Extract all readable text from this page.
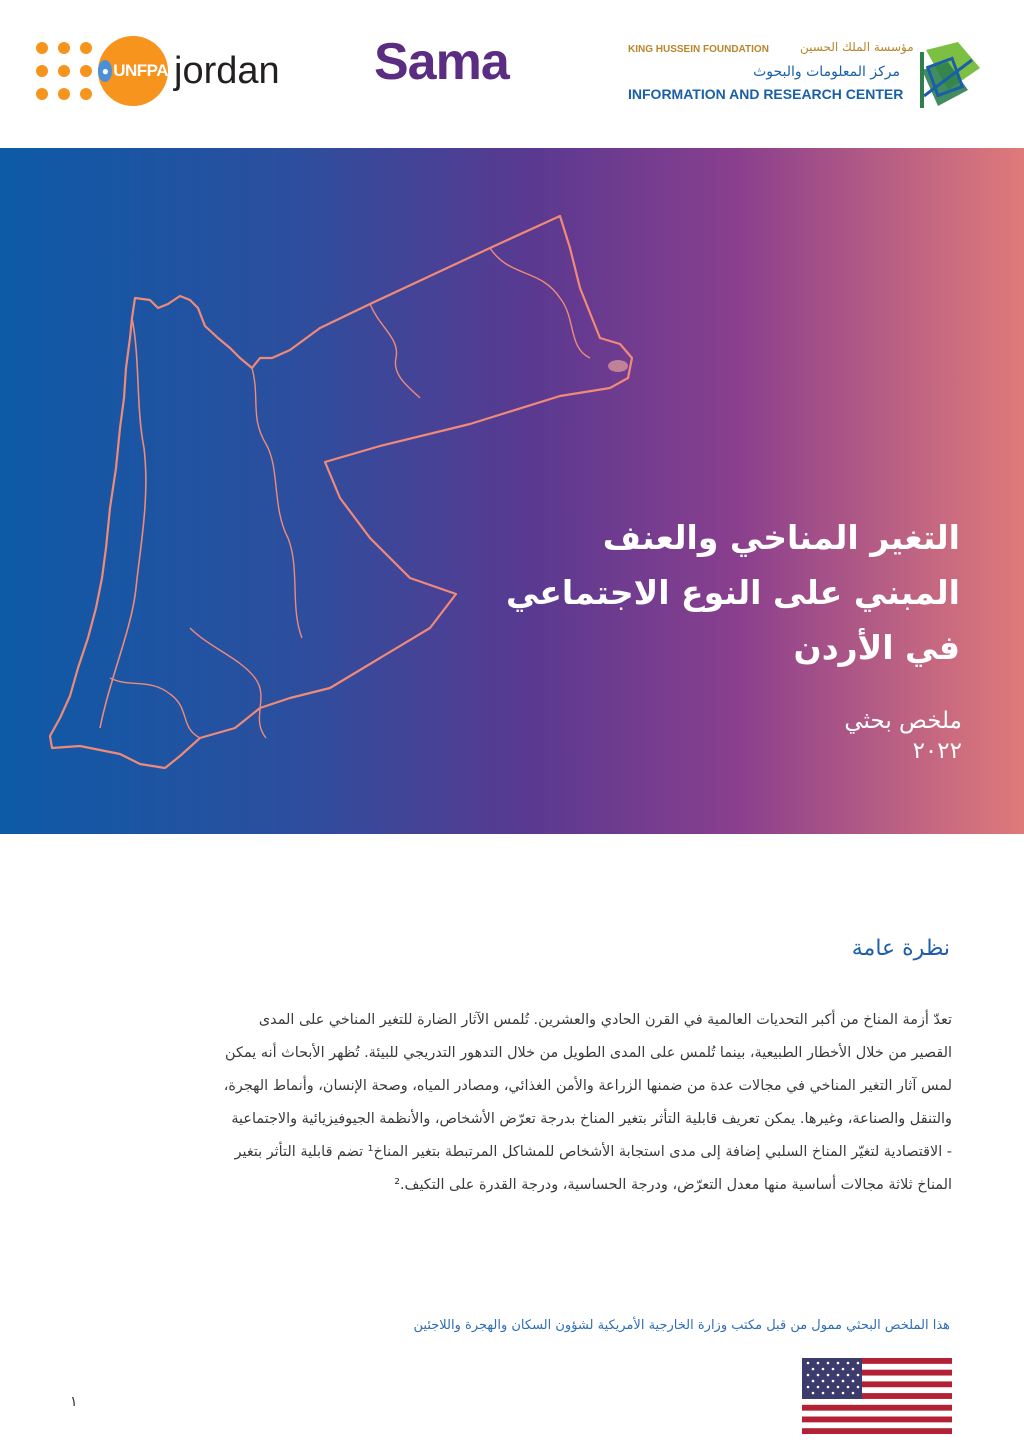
● UNFPA jordan Sama	KING HUSSEIN FOUNDATION	مؤسسة الملك الحسين
مركز المعلومات والبحوث
INFORMATION AND RESEARCH CENTER
التغير المناخي والعنف
المبني على النوع الاجتماعي
في الأردن
ملخص بحثي
٢٠٢٢
نظرة عامة
تعدّ أزمة المناخ من أكبر التحديات العالمية في القرن الحادي والعشرين. تُلمس الآثار الضارة للتغير المناخي على المدى
القصير من خلال الأخطار الطبيعية، بينما تُلمس على المدى الطويل من خلال التدهور التدريجي للبيئة. تُظهر الأبحاث أنه يمكن
لمس آثار التغير المناخي في مجالات عدة من ضمنها الزراعة والأمن الغذائي، ومصادر المياه، وصحة الإنسان، وأنماط الهجرة،
والتنقل والصناعة، وغيرها. يمكن تعريف قابلية التأثر بتغير المناخ بدرجة تعرّض الأشخاص، والأنظمة الجيوفيزيائية والاجتماعية
- الاقتصادية لتغيّر المناخ السلبي إضافة إلى مدى استجابة الأشخاص للمشاكل المرتبطة بتغير المناخ¹ تضم قابلية التأثر بتغير
المناخ ثلاثة مجالات أساسية منها معدل التعرّض، ودرجة الحساسية، ودرجة القدرة على التكيف.²
هذا الملخص البحثي ممول من قبل مكتب وزارة الخارجية الأمريكية لشؤون السكان والهجرة واللاجئين
١
